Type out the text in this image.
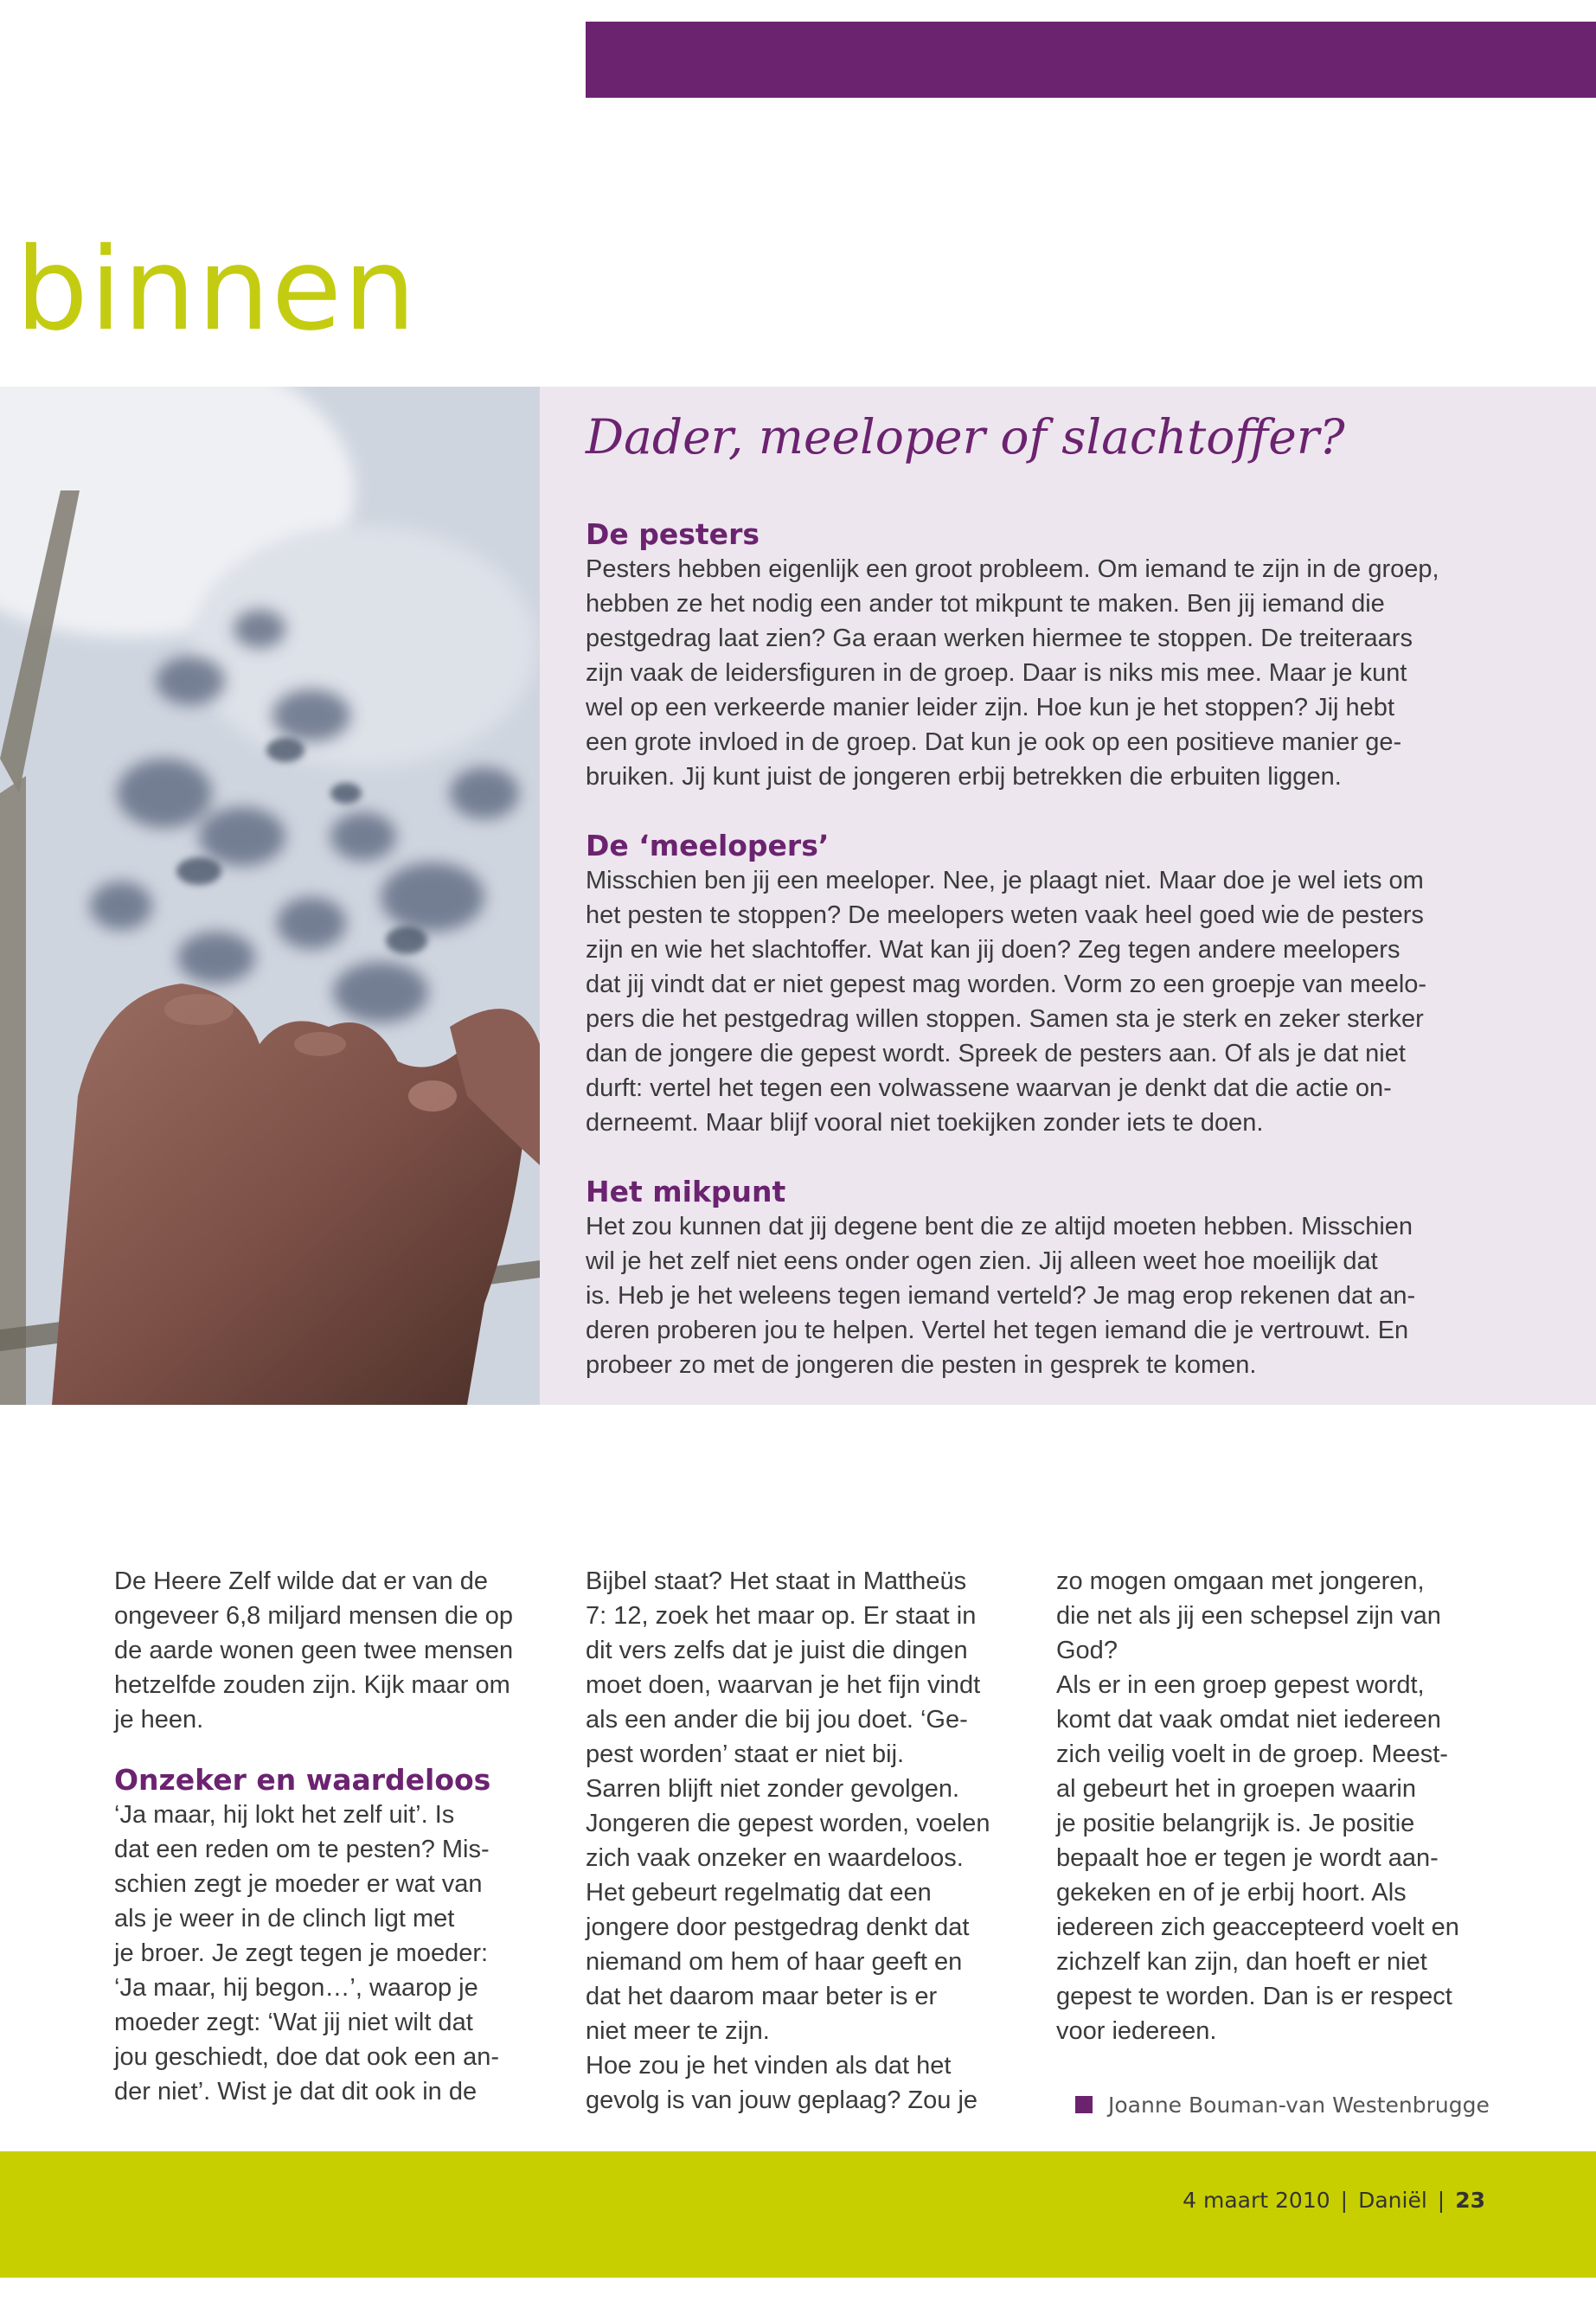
binnen
Dader, meeloper of slachtoffer?

De pesters

Pesters hebben eigenlijk een groot probleem. Om iemand te zijn in de groep,

hebben ze het nodig een ander tot mikpunt te maken. Ben jij iemand die

pestgedrag laat zien? Ga eraan werken hiermee te stoppen. De treiteraars

zijn vaak de leidersfiguren in de groep. Daar is niks mis mee. Maar je kunt

wel op een verkeerde manier leider zijn. Hoe kun je het stoppen? Jij hebt

een grote invloed in de groep. Dat kun je ook op een positieve manier ge-

bruiken. Jij kunt juist de jongeren erbij betrekken die erbuiten liggen.

De ‘meelopers’

Misschien ben jij een meeloper. Nee, je plaagt niet. Maar doe je wel iets om

het pesten te stoppen? De meelopers weten vaak heel goed wie de pesters

zijn en wie het slachtoffer. Wat kan jij doen? Zeg tegen andere meelopers

dat jij vindt dat er niet gepest mag worden. Vorm zo een groepje van meelo-

pers die het pestgedrag willen stoppen. Samen sta je sterk en zeker sterker

dan de jongere die gepest wordt. Spreek de pesters aan. Of als je dat niet

durft: vertel het tegen een volwassene waarvan je denkt dat die actie on-

derneemt. Maar blijf vooral niet toekijken zonder iets te doen.

Het mikpunt

Het zou kunnen dat jij degene bent die ze altijd moeten hebben. Misschien

wil je het zelf niet eens onder ogen zien. Jij alleen weet hoe moeilijk dat

is. Heb je het weleens tegen iemand verteld? Je mag erop rekenen dat an-

deren proberen jou te helpen. Vertel het tegen iemand die je vertrouwt. En

probeer zo met de jongeren die pesten in gesprek te komen.

De Heere Zelf wilde dat er van de

ongeveer 6,8 miljard mensen die op

de aarde wonen geen twee mensen

hetzelfde zouden zijn. Kijk maar om

je heen.

Onzeker en waardeloos

‘Ja maar, hij lokt het zelf uit’. Is

dat een reden om te pesten? Mis-

schien zegt je moeder er wat van

als je weer in de clinch ligt met

je broer. Je zegt tegen je moeder:

‘Ja maar, hij begon…’, waarop je

moeder zegt: ‘Wat jij niet wilt dat

jou geschiedt, doe dat ook een an-

der niet’. Wist je dat dit ook in de

Bijbel staat? Het staat in Mattheüs

7: 12, zoek het maar op. Er staat in

dit vers zelfs dat je juist die dingen

moet doen, waarvan je het fijn vindt

als een ander die bij jou doet. ‘Ge-

pest worden’ staat er niet bij.

Sarren blijft niet zonder gevolgen.

Jongeren die gepest worden, voelen

zich vaak onzeker en waardeloos.

Het gebeurt regelmatig dat een

jongere door pestgedrag denkt dat

niemand om hem of haar geeft en

dat het daarom maar beter is er

niet meer te zijn.

Hoe zou je het vinden als dat het

gevolg is van jouw geplaag? Zou je

zo mogen omgaan met jongeren,

die net als jij een schepsel zijn van

God?

Als er in een groep gepest wordt,

komt dat vaak omdat niet iedereen

zich veilig voelt in de groep. Meest-

al gebeurt het in groepen waarin

je positie belangrijk is. Je positie

bepaalt hoe er tegen je wordt aan-

gekeken en of je erbij hoort. Als

iedereen zich geaccepteerd voelt en

zichzelf kan zijn, dan hoeft er niet

gepest te worden. Dan is er respect

voor iedereen.

Joanne Bouman-van Westenbrugge
4 maart 2010 | Daniël | 23
